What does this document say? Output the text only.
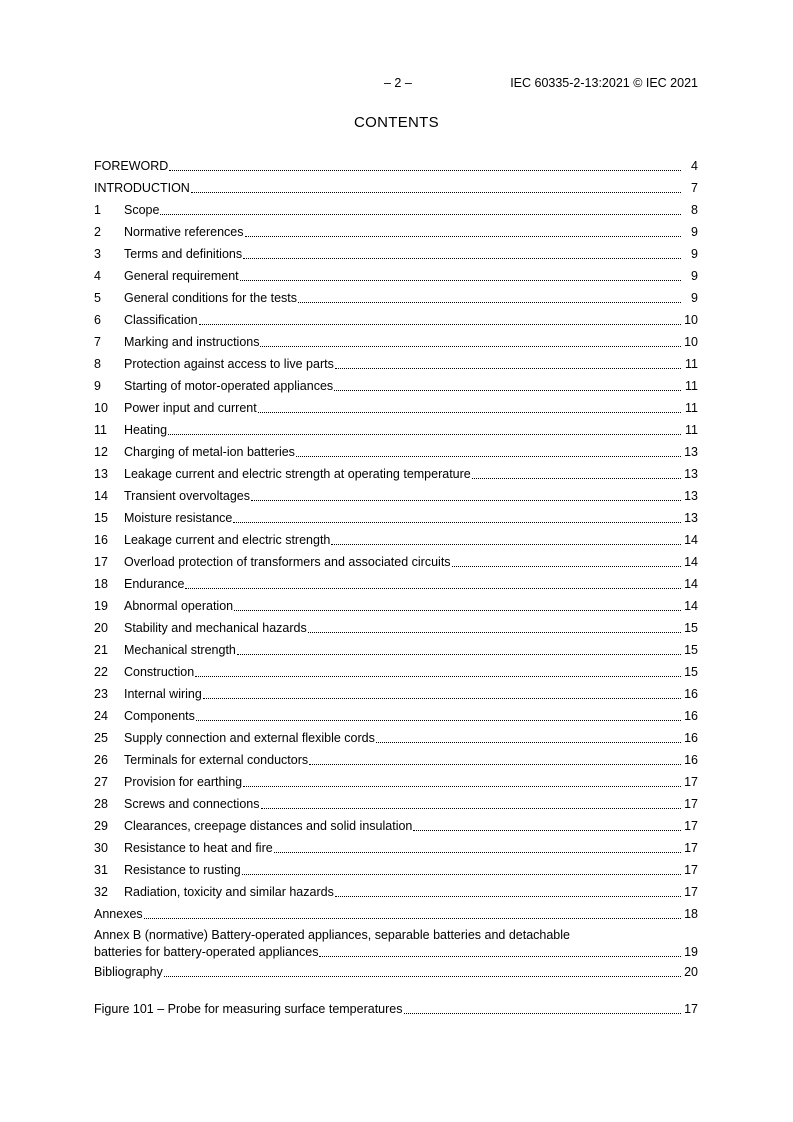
– 2 –	IEC 60335-2-13:2021 © IEC 2021
CONTENTS
FOREWORD	4
INTRODUCTION	7
1	Scope	8
2	Normative references	9
3	Terms and definitions	9
4	General requirement	9
5	General conditions for the tests	9
6	Classification	10
7	Marking and instructions	10
8	Protection against access to live parts	11
9	Starting of motor-operated appliances	11
10	Power input and current	11
11	Heating	11
12	Charging of metal-ion batteries	13
13	Leakage current and electric strength at operating temperature	13
14	Transient overvoltages	13
15	Moisture resistance	13
16	Leakage current and electric strength	14
17	Overload protection of transformers and associated circuits	14
18	Endurance	14
19	Abnormal operation	14
20	Stability and mechanical hazards	15
21	Mechanical strength	15
22	Construction	15
23	Internal wiring	16
24	Components	16
25	Supply connection and external flexible cords	16
26	Terminals for external conductors	16
27	Provision for earthing	17
28	Screws and connections	17
29	Clearances, creepage distances and solid insulation	17
30	Resistance to heat and fire	17
31	Resistance to rusting	17
32	Radiation, toxicity and similar hazards	17
Annexes	18
Annex B (normative) Battery-operated appliances, separable batteries and detachable
batteries for battery-operated appliances	19
Bibliography	20
Figure 101 – Probe for measuring surface temperatures	17
